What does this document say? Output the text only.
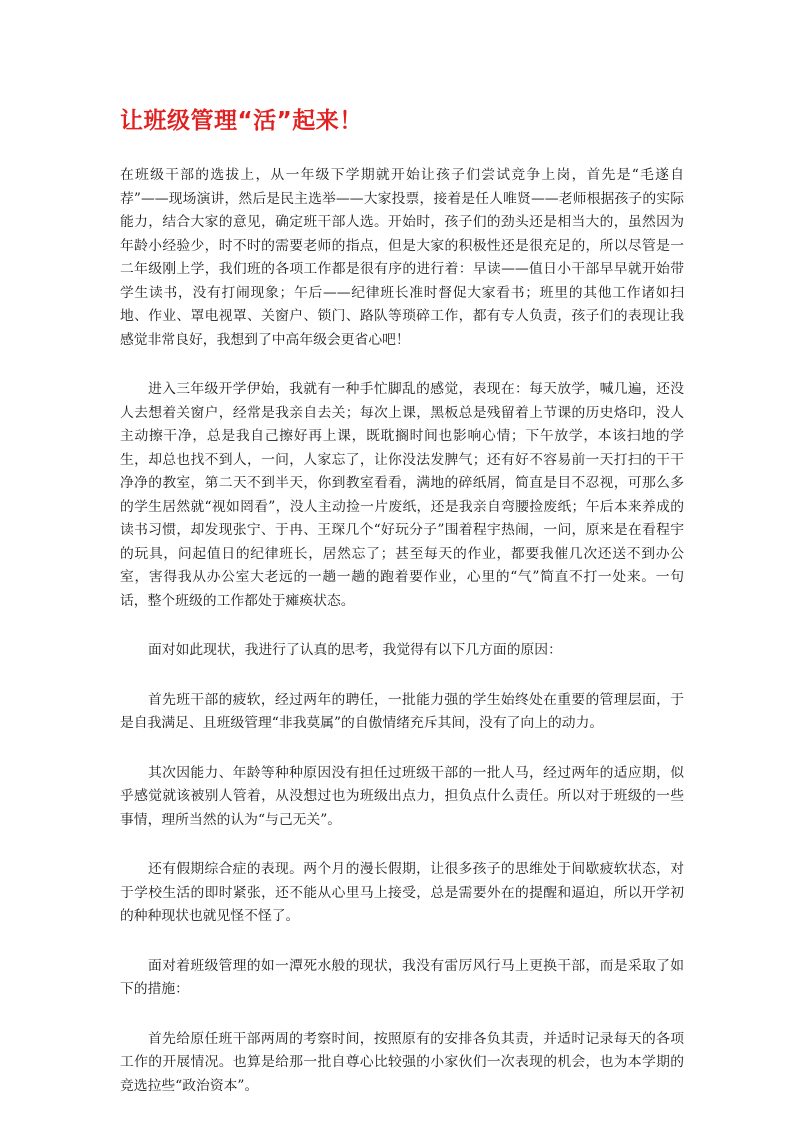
让班级管理“活”起来！

在班级干部的选拔上，从一年级下学期就开始让孩子们尝试竞争上岗，首先是“毛遂自荐”——现场演讲，然后是民主选举——大家投票，接着是任人唯贤——老师根据孩子的实际能力，结合大家的意见，确定班干部人选。开始时，孩子们的劲头还是相当大的，虽然因为年龄小经验少，时不时的需要老师的指点，但是大家的积极性还是很充足的，所以尽管是一二年级刚上学，我们班的各项工作都是很有序的进行着：早读——值日小干部早早就开始带学生读书，没有打闹现象；午后——纪律班长准时督促大家看书；班里的其他工作诸如扫地、作业、罩电视罩、关窗户、锁门、路队等琐碎工作，都有专人负责，孩子们的表现让我感觉非常良好，我想到了中高年级会更省心吧！

进入三年级开学伊始，我就有一种手忙脚乱的感觉，表现在：每天放学，喊几遍，还没人去想着关窗户，经常是我亲自去关；每次上课，黑板总是残留着上节课的历史烙印，没人主动擦干净，总是我自己擦好再上课，既耽搁时间也影响心情；下午放学，本该扫地的学生，却总也找不到人，一问，人家忘了，让你没法发脾气；还有好不容易前一天打扫的干干净净的教室，第二天不到半天，你到教室看看，满地的碎纸屑，简直是目不忍视，可那么多的学生居然就“视如罔看”，没人主动捡一片废纸，还是我亲自弯腰捡废纸；午后本来养成的读书习惯，却发现张宁、于冉、王琛几个“好玩分子”围着程宇热闹，一问，原来是在看程宇的玩具，问起值日的纪律班长，居然忘了；甚至每天的作业，都要我催几次还送不到办公室，害得我从办公室大老远的一趟一趟的跑着要作业，心里的“气”简直不打一处来。一句话，整个班级的工作都处于瘫痪状态。

面对如此现状，我进行了认真的思考，我觉得有以下几方面的原因：

首先班干部的疲软，经过两年的聘任，一批能力强的学生始终处在重要的管理层面，于是自我满足、且班级管理“非我莫属”的自傲情绪充斥其间，没有了向上的动力。

其次因能力、年龄等种种原因没有担任过班级干部的一批人马，经过两年的适应期，似乎感觉就该被别人管着，从没想过也为班级出点力，担负点什么责任。所以对于班级的一些事情，理所当然的认为“与己无关”。

还有假期综合症的表现。两个月的漫长假期，让很多孩子的思维处于间歇疲软状态，对于学校生活的即时紧张，还不能从心里马上接受，总是需要外在的提醒和逼迫，所以开学初的种种现状也就见怪不怪了。

面对着班级管理的如一潭死水般的现状，我没有雷厉风行马上更换干部，而是采取了如下的措施：

首先给原任班干部两周的考察时间，按照原有的安排各负其责，并适时记录每天的各项工作的开展情况。也算是给那一批自尊心比较强的小家伙们一次表现的机会，也为本学期的竞选拉些“政治资本”。
